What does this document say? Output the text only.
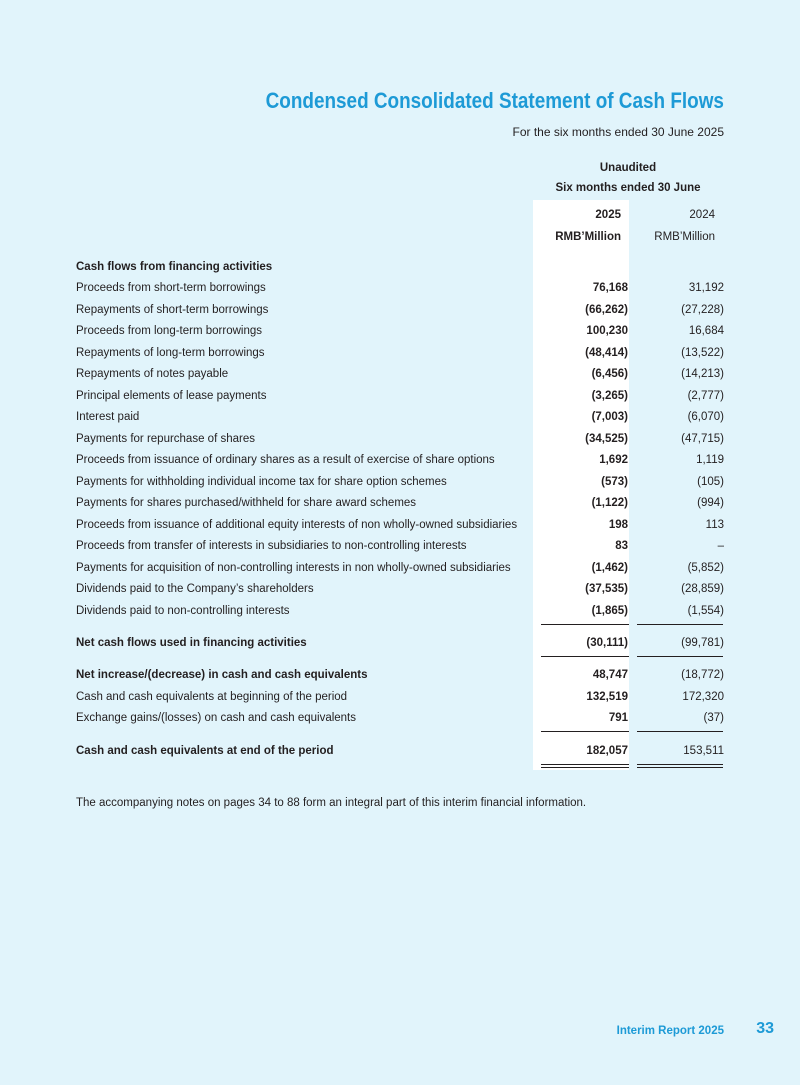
Condensed Consolidated Statement of Cash Flows
For the six months ended 30 June 2025
Unaudited
Six months ended 30 June
2025	2024
RMB’Million	RMB’Million
Cash flows from financing activities
Proceeds from short-term borrowings	76,168	31,192
Repayments of short-term borrowings	(66,262)	(27,228)
Proceeds from long-term borrowings	100,230	16,684
Repayments of long-term borrowings	(48,414)	(13,522)
Repayments of notes payable	(6,456)	(14,213)
Principal elements of lease payments	(3,265)	(2,777)
Interest paid	(7,003)	(6,070)
Payments for repurchase of shares	(34,525)	(47,715)
Proceeds from issuance of ordinary shares as a result of exercise of share options	1,692	1,119
Payments for withholding individual income tax for share option schemes	(573)	(105)
Payments for shares purchased/withheld for share award schemes	(1,122)	(994)
Proceeds from issuance of additional equity interests of non wholly-owned subsidiaries	198	113
Proceeds from transfer of interests in subsidiaries to non-controlling interests	83	–
Payments for acquisition of non-controlling interests in non wholly-owned subsidiaries	(1,462)	(5,852)
Dividends paid to the Company’s shareholders	(37,535)	(28,859)
Dividends paid to non-controlling interests	(1,865)	(1,554)
Net cash flows used in financing activities	(30,111)	(99,781)
Net increase/(decrease) in cash and cash equivalents	48,747	(18,772)
Cash and cash equivalents at beginning of the period	132,519	172,320
Exchange gains/(losses) on cash and cash equivalents	791	(37)
Cash and cash equivalents at end of the period	182,057	153,511
The accompanying notes on pages 34 to 88 form an integral part of this interim financial information.
Interim Report 2025 33
